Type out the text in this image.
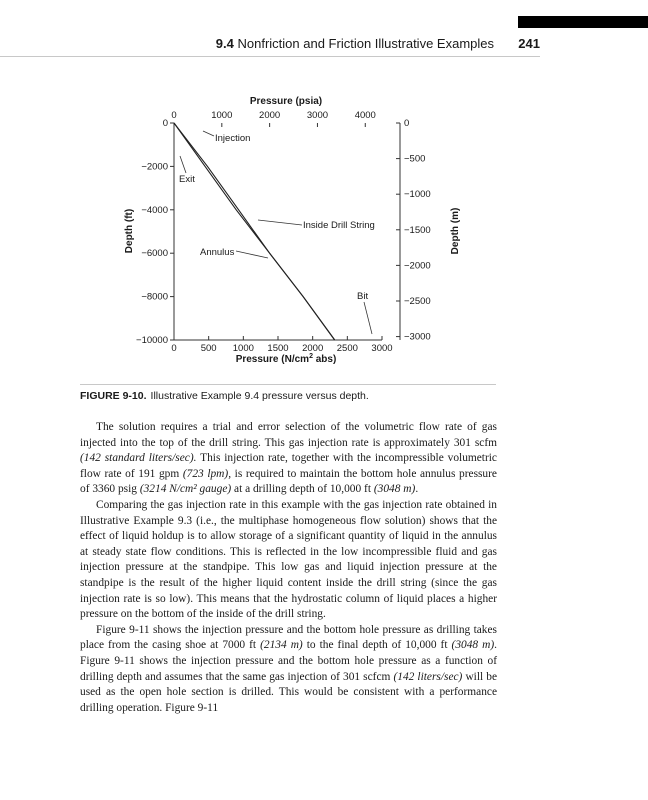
9.4 Nonfriction and Friction Illustrative Examples 241
Pressure (psia)
Pressure ($N/cm^2$ abs)
Depth (ft)	Depth (m)
0	1000	2000	3000	4000
0	500 1000 1500 2000 2500 3000
0
−2000
−4000
−6000
−8000
−10000
0
−500
−1000
−1500
−2000
−2500
−3000
Injection
Exit
Inside Drill String
Annulus
Bit
FIGURE 9-10. Illustrative Example 9.4 pressure versus depth.

The solution requires a trial and error selection of the volumetric flow rate of gas injected into the top of the drill string. This gas injection rate is approximately 301 scfm (142 standard liters/sec). This injection rate, together with the incompressible volumetric flow rate of 191 gpm (723 lpm), is required to maintain the bottom hole annulus pressure of 3360 psig (3214 N/cm² gauge) at a drilling depth of 10,000 ft (3048 m).

Comparing the gas injection rate in this example with the gas injection rate obtained in Illustrative Example 9.3 (i.e., the multiphase homogeneous flow solution) shows that the effect of liquid holdup is to allow storage of a significant quantity of liquid in the annulus at steady state flow conditions. This is reflected in the low incompressible fluid and gas injection pressure at the standpipe. This low gas and liquid injection pressure at the standpipe is the result of the higher liquid content inside the drill string (since the gas injection rate is so low). This means that the hydrostatic column of liquid places a higher pressure on the bottom of the inside of the drill string.

Figure 9-11 shows the injection pressure and the bottom hole pressure as drilling takes place from the casing shoe at 7000 ft (2134 m) to the final depth of 10,000 ft (3048 m). Figure 9-11 shows the injection pressure and the bottom hole pressure as a function of drilling depth and assumes that the same gas injection of 301 scfcm (142 liters/sec) will be used as the open hole section is drilled. This would be consistent with a performance drilling operation. Figure 9-11
